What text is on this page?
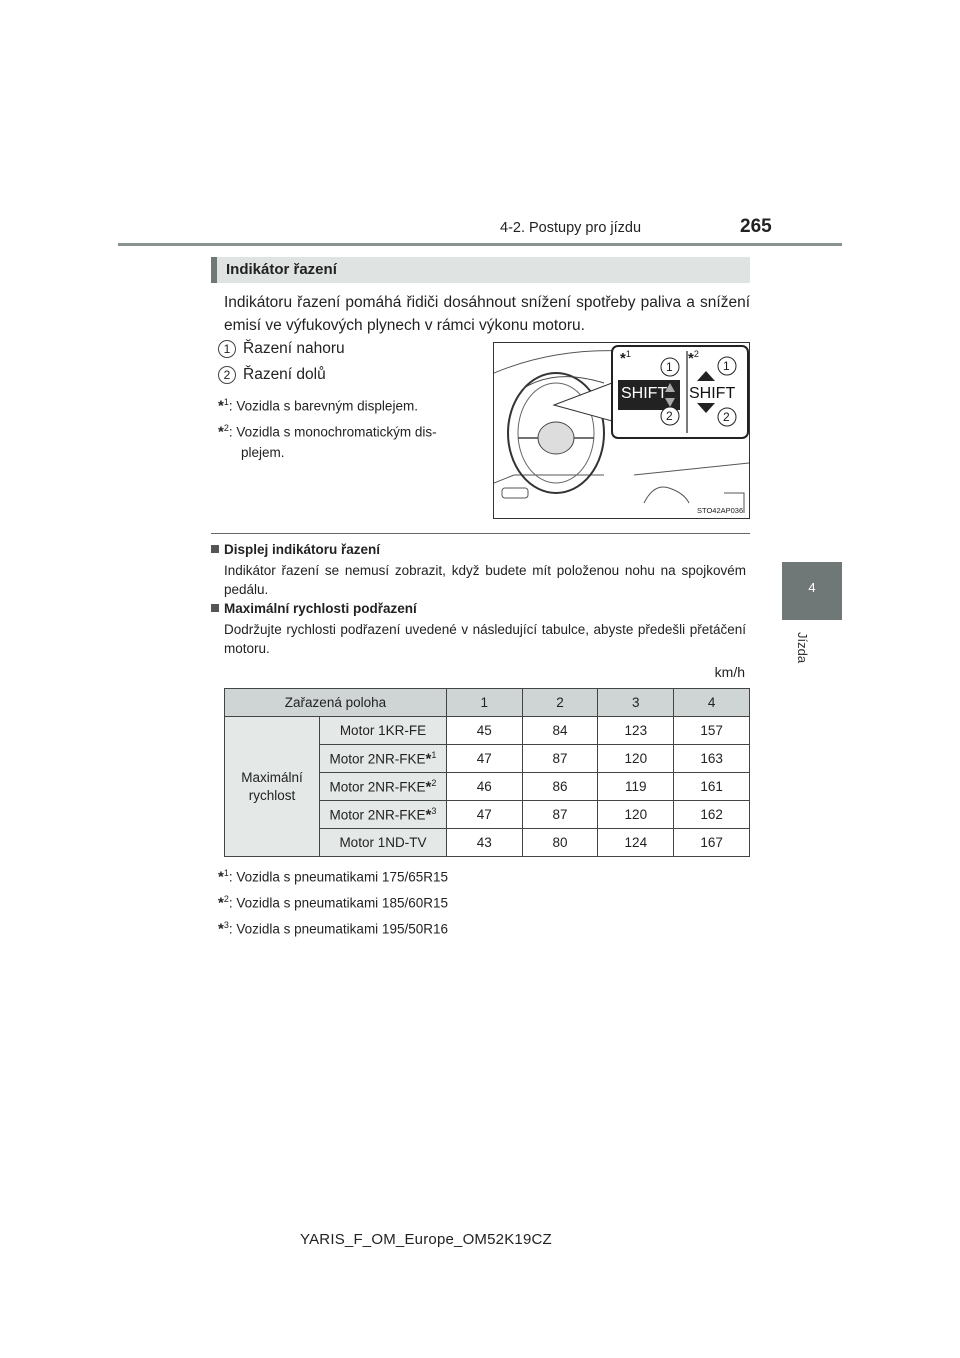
4-2. Postupy pro jízdu	265
4
Jízda
Indikátor řazení
Indikátoru řazení pomáhá řidiči dosáhnout snížení spotřeby paliva a snížení emisí ve výfukových plynech v rámci výkonu motoru.
1 Řazení nahoru
2 Řazení dolů
*$^1$: Vozidla s barevným displejem.
*$^2$: Vozidla s monochromatickým dis-
plejem.
*$^1$	*$^2$
SHIFT SHIFT
1
2
1
2
STO42AP036
Displej indikátoru řazení
Indikátor řazení se nemusí zobrazit, když budete mít položenou nohu na spojkovém pedálu.
Maximální rychlosti podřazení
Dodržujte rychlosti podřazení uvedené v následující tabulce, abyste předešli přetáčení motoru.
km/h
Zařazená poloha		1	2	3	4
Maximální rychlost	Motor 1KR-FE	45	84	123	157
	Motor 2NR-FKE*$^1$	47	87	120	163
	Motor 2NR-FKE*$^2$	46	86	119	161
	Motor 2NR-FKE*$^3$	47	87	120	162
	Motor 1ND-TV	43	80	124	167
*$^1$: Vozidla s pneumatikami 175/65R15
*$^2$: Vozidla s pneumatikami 185/60R15
*$^3$: Vozidla s pneumatikami 195/50R16
YARIS_F_OM_Europe_OM52K19CZ
